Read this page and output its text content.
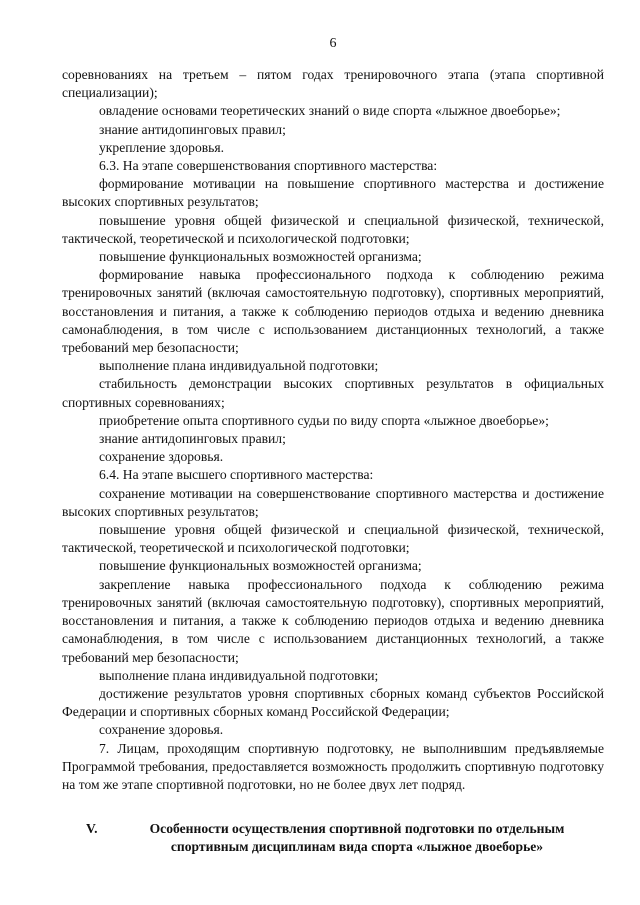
6

соревнованиях на третьем – пятом годах тренировочного этапа (этапа спортивной специализации);

овладение основами теоретических знаний о виде спорта «лыжное двоеборье»;

знание антидопинговых правил;

укрепление здоровья.

6.3. На этапе совершенствования спортивного мастерства:

формирование мотивации на повышение спортивного мастерства и достижение высоких спортивных результатов;

повышение уровня общей физической и специальной физической, технической, тактической, теоретической и психологической подготовки;

повышение функциональных возможностей организма;

формирование навыка профессионального подхода к соблюдению режима тренировочных занятий (включая самостоятельную подготовку), спортивных мероприятий, восстановления и питания, а также к соблюдению периодов отдыха и ведению дневника самонаблюдения, в том числе с использованием дистанционных технологий, а также требований мер безопасности;

выполнение плана индивидуальной подготовки;

стабильность демонстрации высоких спортивных результатов в официальных спортивных соревнованиях;

приобретение опыта спортивного судьи по виду спорта «лыжное двоеборье»;

знание антидопинговых правил;

сохранение здоровья.

6.4. На этапе высшего спортивного мастерства:

сохранение мотивации на совершенствование спортивного мастерства и достижение высоких спортивных результатов;

повышение уровня общей физической и специальной физической, технической, тактической, теоретической и психологической подготовки;

повышение функциональных возможностей организма;

закрепление навыка профессионального подхода к соблюдению режима тренировочных занятий (включая самостоятельную подготовку), спортивных мероприятий, восстановления и питания, а также к соблюдению периодов отдыха и ведению дневника самонаблюдения, в том числе с использованием дистанционных технологий, а также требований мер безопасности;

выполнение плана индивидуальной подготовки;

достижение результатов уровня спортивных сборных команд субъектов Российской Федерации и спортивных сборных команд Российской Федерации;

сохранение здоровья.

7. Лицам, проходящим спортивную подготовку, не выполнившим предъявляемые Программой требования, предоставляется возможность продолжить спортивную подготовку на том же этапе спортивной подготовки, но не более двух лет подряд.

V.	Особенности осуществления спортивной подготовки по отдельным спортивным дисциплинам вида спорта «лыжное двоеборье»
